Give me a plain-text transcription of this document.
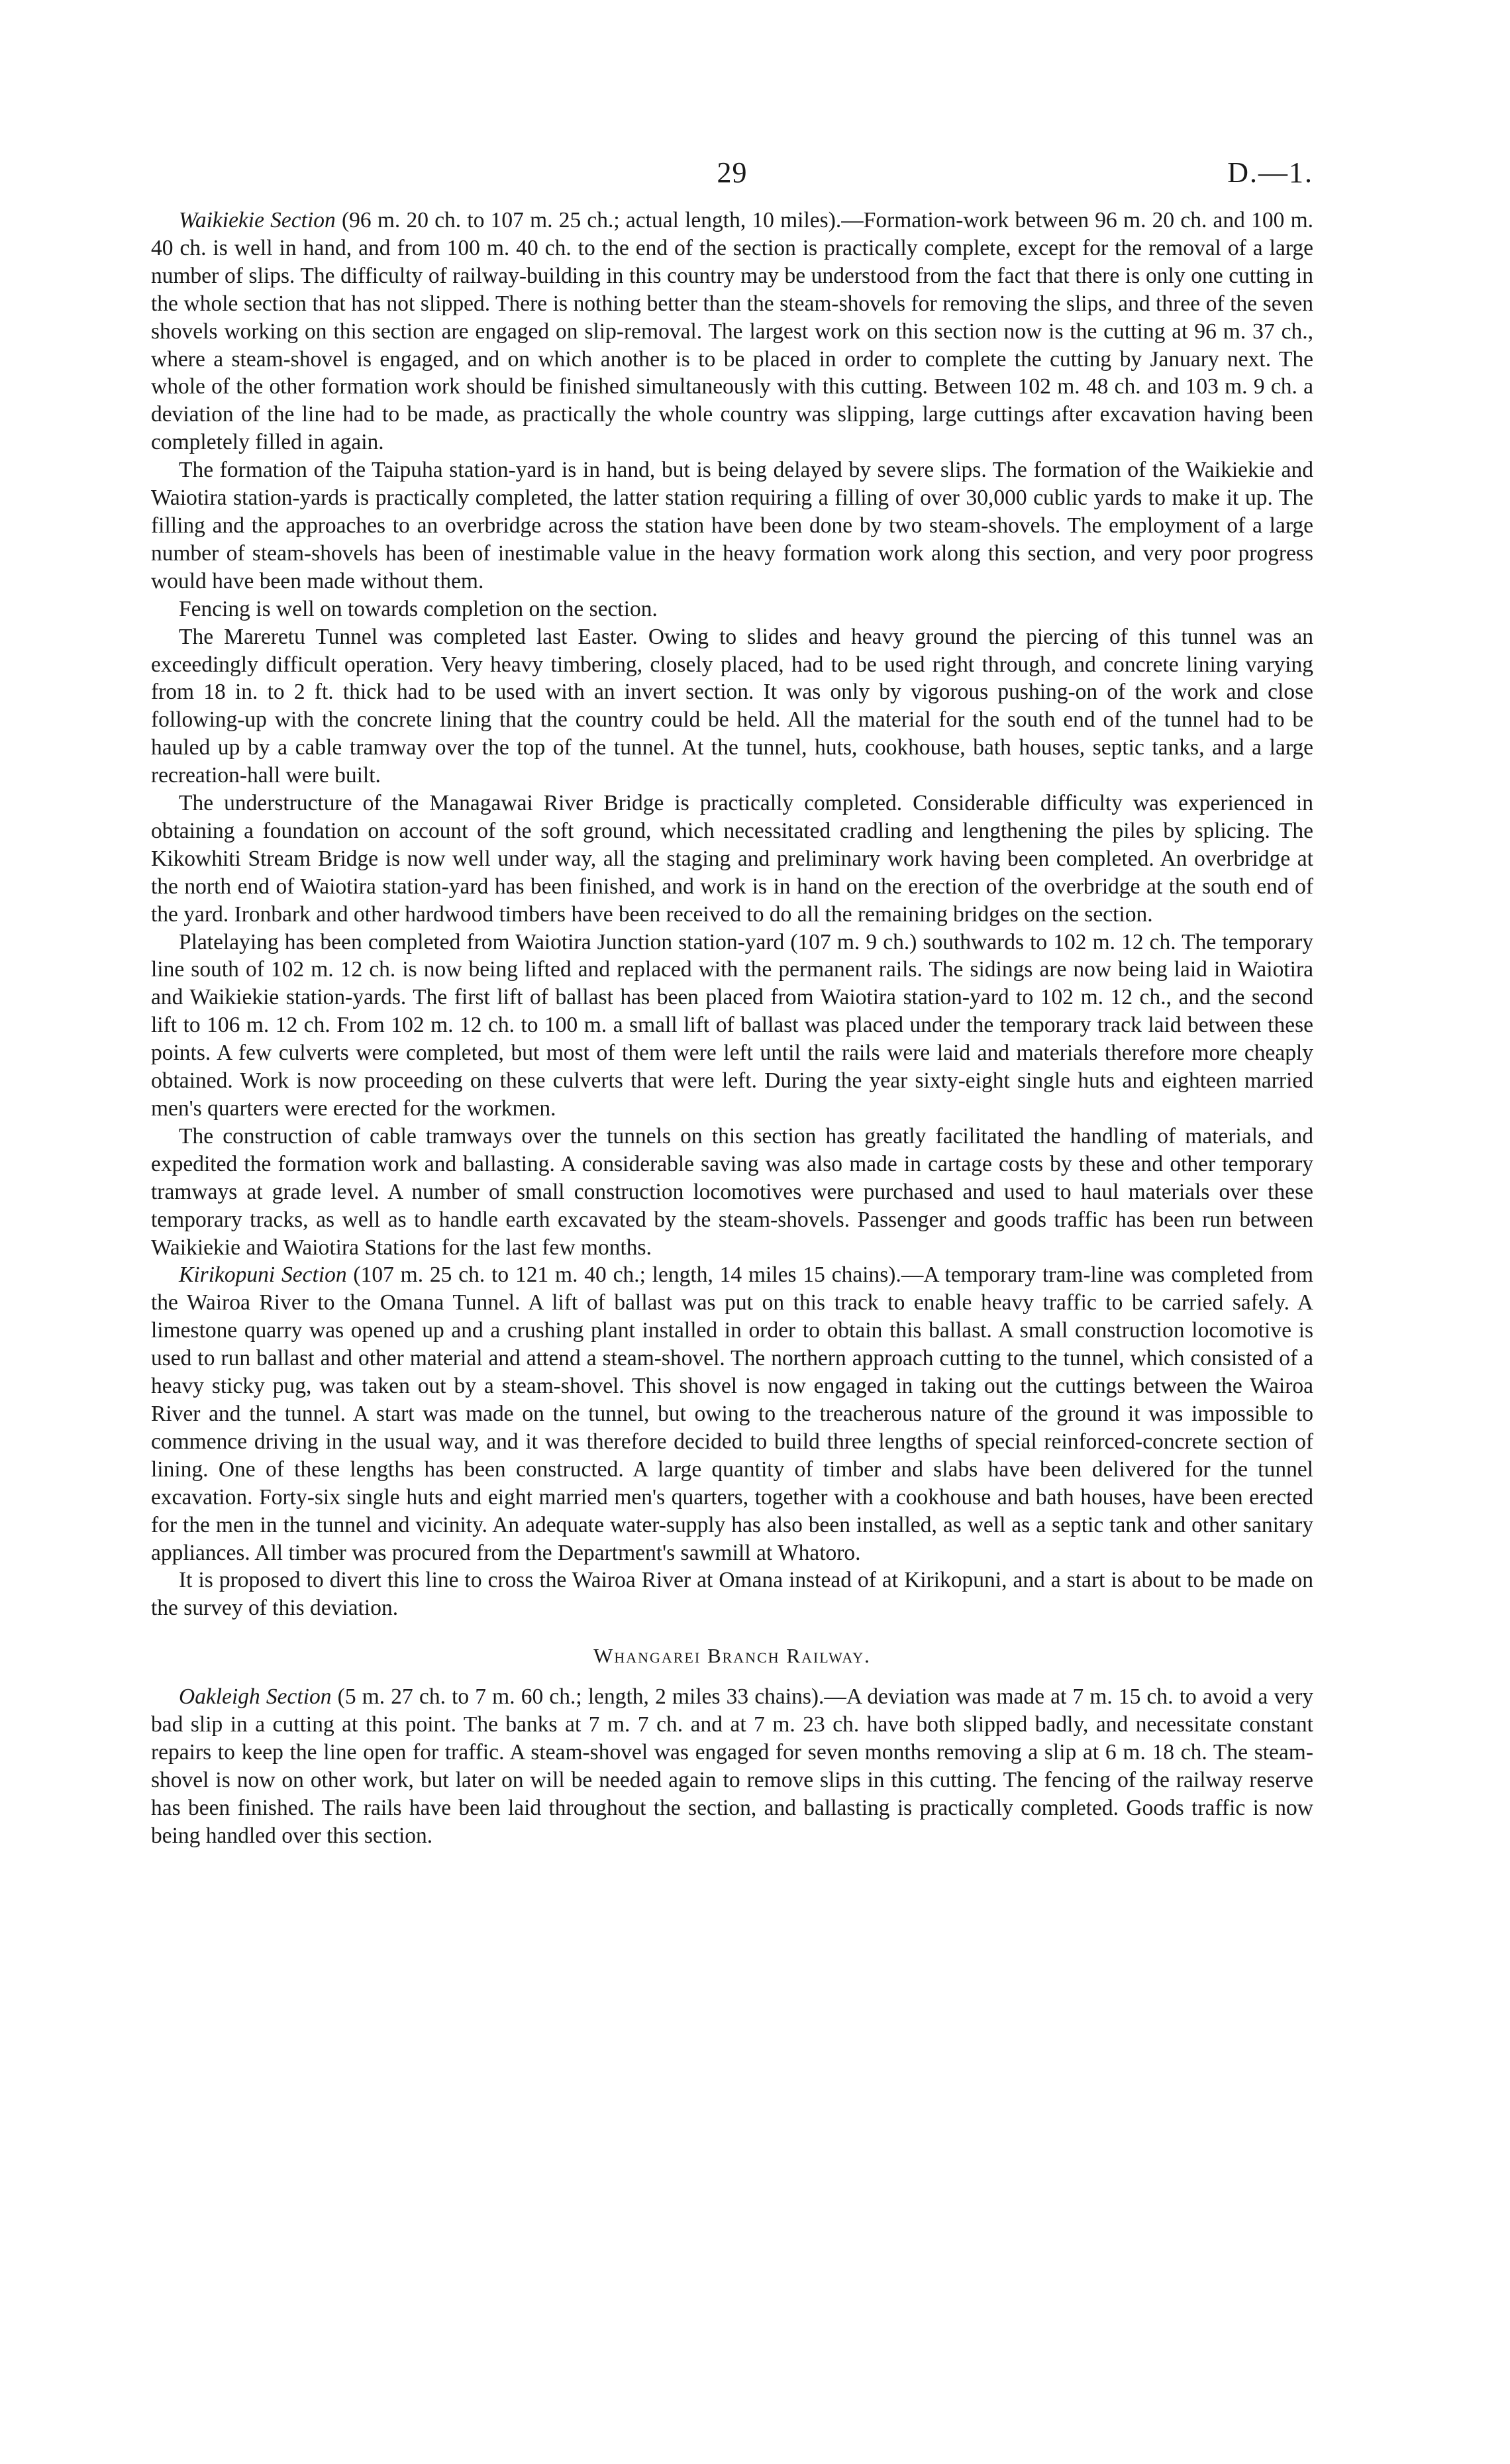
29	D.—1.

Waikiekie Section (96 m. 20 ch. to 107 m. 25 ch.; actual length, 10 miles).—Formation-work between 96 m. 20 ch. and 100 m. 40 ch. is well in hand, and from 100 m. 40 ch. to the end of the section is practically complete, except for the removal of a large number of slips. The difficulty of railway-building in this country may be understood from the fact that there is only one cutting in the whole section that has not slipped. There is nothing better than the steam-shovels for removing the slips, and three of the seven shovels working on this section are engaged on slip-removal. The largest work on this section now is the cutting at 96 m. 37 ch., where a steam-shovel is engaged, and on which another is to be placed in order to complete the cutting by January next. The whole of the other formation work should be finished simultaneously with this cutting. Between 102 m. 48 ch. and 103 m. 9 ch. a deviation of the line had to be made, as practically the whole country was slipping, large cuttings after excavation having been completely filled in again.

The formation of the Taipuha station-yard is in hand, but is being delayed by severe slips. The formation of the Waikiekie and Waiotira station-yards is practically completed, the latter station requiring a filling of over 30,000 cublic yards to make it up. The filling and the approaches to an overbridge across the station have been done by two steam-shovels. The employment of a large number of steam-shovels has been of inestimable value in the heavy formation work along this section, and very poor progress would have been made without them.

Fencing is well on towards completion on the section.

The Mareretu Tunnel was completed last Easter. Owing to slides and heavy ground the piercing of this tunnel was an exceedingly difficult operation. Very heavy timbering, closely placed, had to be used right through, and concrete lining varying from 18 in. to 2 ft. thick had to be used with an invert section. It was only by vigorous pushing-on of the work and close following-up with the concrete lining that the country could be held. All the material for the south end of the tunnel had to be hauled up by a cable tramway over the top of the tunnel. At the tunnel, huts, cookhouse, bath houses, septic tanks, and a large recreation-hall were built.

The understructure of the Managawai River Bridge is practically completed. Considerable difficulty was experienced in obtaining a foundation on account of the soft ground, which necessitated cradling and lengthening the piles by splicing. The Kikowhiti Stream Bridge is now well under way, all the staging and preliminary work having been completed. An overbridge at the north end of Waiotira station-yard has been finished, and work is in hand on the erection of the overbridge at the south end of the yard. Ironbark and other hardwood timbers have been received to do all the remaining bridges on the section.

Platelaying has been completed from Waiotira Junction station-yard (107 m. 9 ch.) southwards to 102 m. 12 ch. The temporary line south of 102 m. 12 ch. is now being lifted and replaced with the permanent rails. The sidings are now being laid in Waiotira and Waikiekie station-yards. The first lift of ballast has been placed from Waiotira station-yard to 102 m. 12 ch., and the second lift to 106 m. 12 ch. From 102 m. 12 ch. to 100 m. a small lift of ballast was placed under the temporary track laid between these points. A few culverts were completed, but most of them were left until the rails were laid and materials therefore more cheaply obtained. Work is now proceeding on these culverts that were left. During the year sixty-eight single huts and eighteen married men's quarters were erected for the workmen.

The construction of cable tramways over the tunnels on this section has greatly facilitated the handling of materials, and expedited the formation work and ballasting. A considerable saving was also made in cartage costs by these and other temporary tramways at grade level. A number of small construction locomotives were purchased and used to haul materials over these temporary tracks, as well as to handle earth excavated by the steam-shovels. Passenger and goods traffic has been run between Waikiekie and Waiotira Stations for the last few months.

Kirikopuni Section (107 m. 25 ch. to 121 m. 40 ch.; length, 14 miles 15 chains).—A temporary tram-line was completed from the Wairoa River to the Omana Tunnel. A lift of ballast was put on this track to enable heavy traffic to be carried safely. A limestone quarry was opened up and a crushing plant installed in order to obtain this ballast. A small construction locomotive is used to run ballast and other material and attend a steam-shovel. The northern approach cutting to the tunnel, which consisted of a heavy sticky pug, was taken out by a steam-shovel. This shovel is now engaged in taking out the cuttings between the Wairoa River and the tunnel. A start was made on the tunnel, but owing to the treacherous nature of the ground it was impossible to commence driving in the usual way, and it was therefore decided to build three lengths of special reinforced-concrete section of lining. One of these lengths has been constructed. A large quantity of timber and slabs have been delivered for the tunnel excavation. Forty-six single huts and eight married men's quarters, together with a cookhouse and bath houses, have been erected for the men in the tunnel and vicinity. An adequate water-supply has also been installed, as well as a septic tank and other sanitary appliances. All timber was procured from the Department's sawmill at Whatoro.

It is proposed to divert this line to cross the Wairoa River at Omana instead of at Kirikopuni, and a start is about to be made on the survey of this deviation.

Whangarei Branch Railway.

Oakleigh Section (5 m. 27 ch. to 7 m. 60 ch.; length, 2 miles 33 chains).—A deviation was made at 7 m. 15 ch. to avoid a very bad slip in a cutting at this point. The banks at 7 m. 7 ch. and at 7 m. 23 ch. have both slipped badly, and necessitate constant repairs to keep the line open for traffic. A steam-shovel was engaged for seven months removing a slip at 6 m. 18 ch. The steam-shovel is now on other work, but later on will be needed again to remove slips in this cutting. The fencing of the railway reserve has been finished. The rails have been laid throughout the section, and ballasting is practically completed. Goods traffic is now being handled over this section.
